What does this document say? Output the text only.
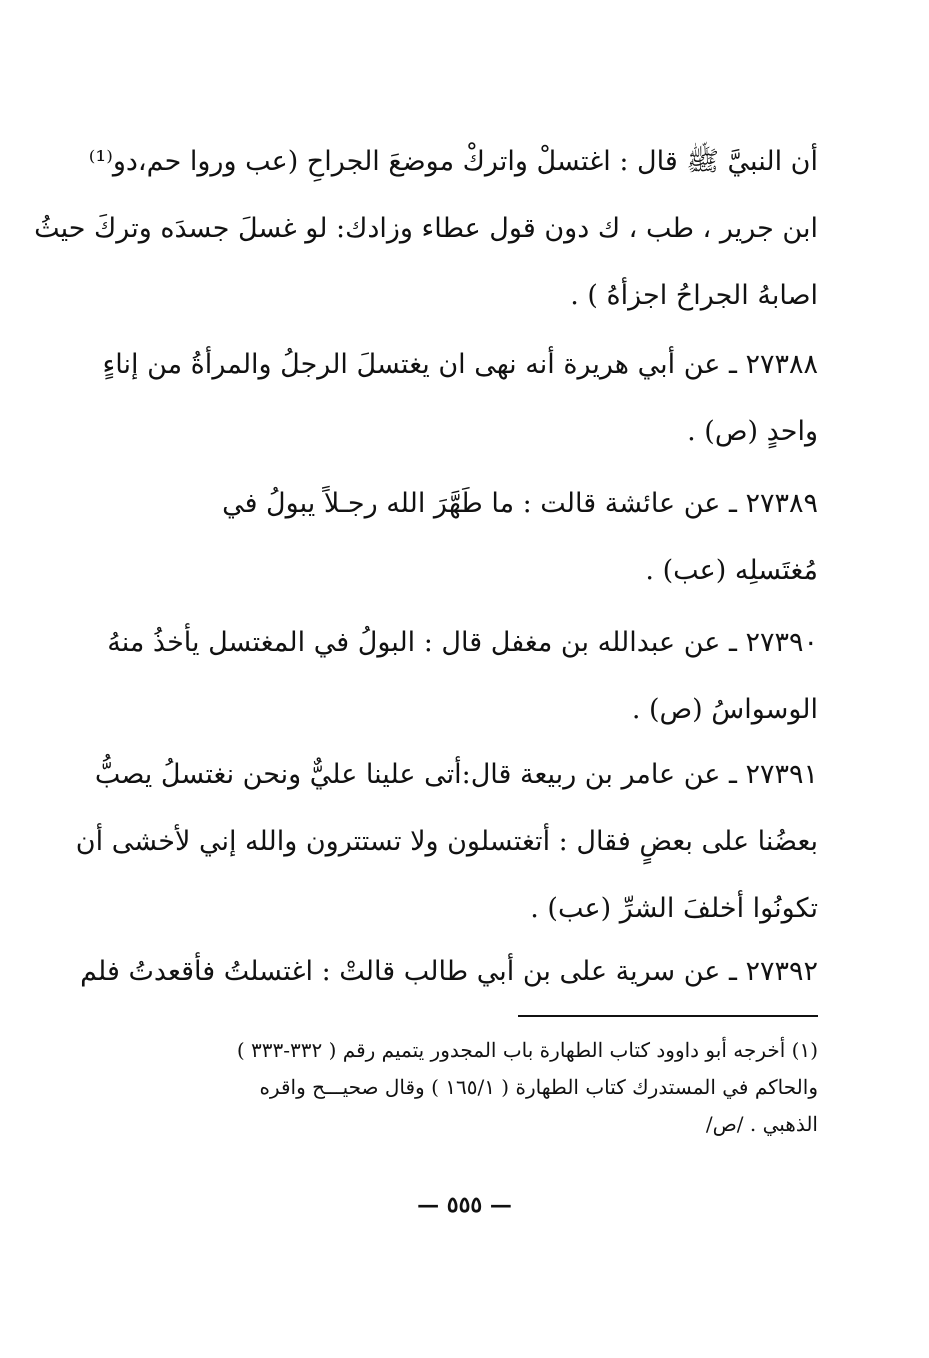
أن النبيَّ ﷺ قال : اغتسلْ واتركْ موضعَ الجراحِ (عب وروا حم،دو⁽¹⁾
ابن جرير ، طب ، ك دون قول عطاء وزادك: لو غسلَ جسدَه وتركَ حيثُ
اصابهُ الجراحُ اجزأهُ ) .
٢٧٣٨٨ ـ عن أبي هريرة أنه نهى ان يغتسلَ الرجلُ والمرأةُ من إناءٍ
واحدٍ (ص) .
٢٧٣٨٩ ـ عن عائشة قالت : ما طَهَّرَ الله رجـلاً يبولُ في
مُغتَسلِه (عب) .
٢٧٣٩٠ ـ عن عبدالله بن مغفل قال : البولُ في المغتسل يأخذُ منهُ
الوسواسُ (ص) .
٢٧٣٩١ ـ عن عامر بن ربيعة قال:أتى علينا عليٌّ ونحن نغتسلُ يصبُّ
بعضُنا على بعضٍ فقال : أتغتسلون ولا تستترون والله إني لأخشى أن
تكونُوا أخلفَ الشرِّ (عب) .
٢٧٣٩٢ ـ عن سرية على بن أبي طالب قالتْ : اغتسلتُ فأقعدتُ فلم
(١) أخرجه أبو داوود كتاب الطهارة باب المجدور يتميم رقم ( ٣٣٢-٣٣٣ )
والحاكم في المستدرك كتاب الطهارة ( ١٦٥/١ ) وقال صحيـــح واقره
الذهبي . /ص/
— ٥٥٥ —
